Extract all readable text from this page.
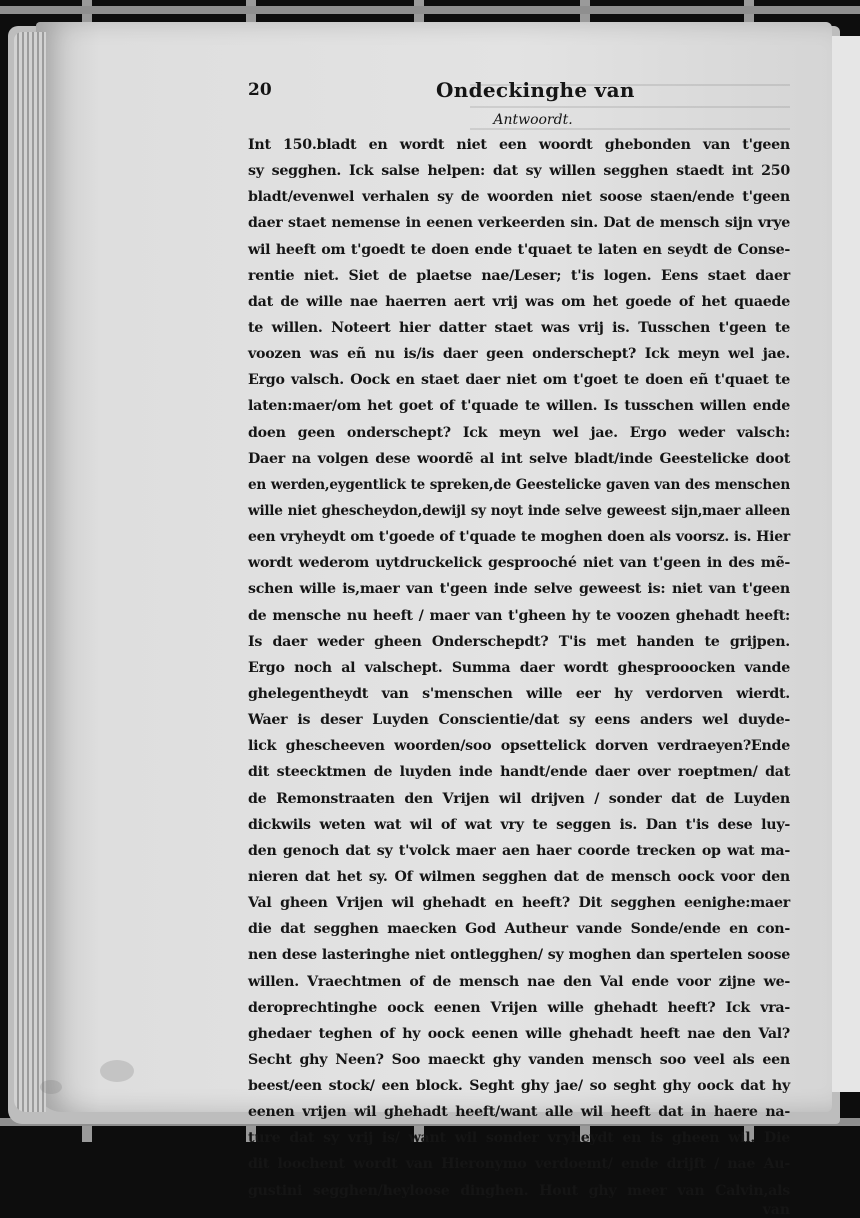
20	Ondeckinghe van
Antwoordt.
Int 150.bladt en wordt niet een woordt ghebonden van t'geen
sy segghen. Ick salse helpen: dat sy willen segghen staedt int 250
bladt/evenwel verhalen sy de woorden niet soose staen/ende t'geen
daer staet nemense in eenen verkeerden sin. Dat de mensch sijn vrye
wil heeft om t'goedt te doen ende t'quaet te laten en seydt de Conse-
rentie niet. Siet de plaetse nae/Leser; t'is logen. Eens staet daer
dat de wille nae haerren aert vrij was om het goede of het quaede
te willen. Noteert hier datter staet was vrij is. Tusschen t'geen te
voozen was eñ nu is/is daer geen onderschept? Ick meyn wel jae.
Ergo valsch. Oock en staet daer niet om t'goet te doen eñ t'quaet te
laten:maer/om het goet of t'quade te willen. Is tusschen willen ende
doen geen onderschept? Ick meyn wel jae. Ergo weder valsch:
Daer na volgen dese woordẽ al int selve bladt/inde Geestelicke doot
en werden,eygentlick te spreken,de Geestelicke gaven van des menschen
wille niet ghescheydon,dewijl sy noyt inde selve geweest sijn,maer alleen
een vryheydt om t'goede of t'quade te moghen doen als voorsz. is. Hier
wordt wederom uytdruckelick gesprooché niet van t'geen in des mẽ-
schen wille is,maer van t'geen inde selve geweest is: niet van t'geen
de mensche nu heeft / maer van t'gheen hy te voozen ghehadt heeft:
Is daer weder gheen Onderschepdt? T'is met handen te grijpen.
Ergo noch al valschept. Summa daer wordt ghesprooocken vande
ghelegentheydt van s'menschen wille eer hy verdorven wierdt.
Waer is deser Luyden Conscientie/dat sy eens anders wel duyde-
lick ghescheeven woorden/soo opsettelick dorven verdraeyen?Ende
dit steecktmen de luyden inde handt/ende daer over roeptmen/ dat
de Remonstraaten den Vrijen wil drijven / sonder dat de Luyden
dickwils weten wat wil of wat vry te seggen is. Dan t'is dese luy-
den genoch dat sy t'volck maer aen haer coorde trecken op wat ma-
nieren dat het sy. Of wilmen segghen dat de mensch oock voor den
Val gheen Vrijen wil ghehadt en heeft? Dit segghen eenighe:maer
die dat segghen maecken God Autheur vande Sonde/ende en con-
nen dese lasteringhe niet ontlegghen/ sy moghen dan spertelen soose
willen. Vraechtmen of de mensch nae den Val ende voor zijne we-
deroprechtinghe oock eenen Vrijen wille ghehadt heeft? Ick vra-
ghedaer teghen of hy oock eenen wille ghehadt heeft nae den Val?
Secht ghy Neen? Soo maeckt ghy vanden mensch soo veel als een
beest/een stock/ een block. Seght ghy jae/ so seght ghy oock dat hy
eenen vrijen wil ghehadt heeft/want alle wil heeft dat in haere na-
ture dat sy vrij is/ want wil sonder vryheydt en is gheen wil. Die
dit loochent wordt van Hieronymo verdoemt/ ende drijft / nae Au-
gustini segghen/heyloose dinghen. Hout ghy meer van Calvin,als
van
